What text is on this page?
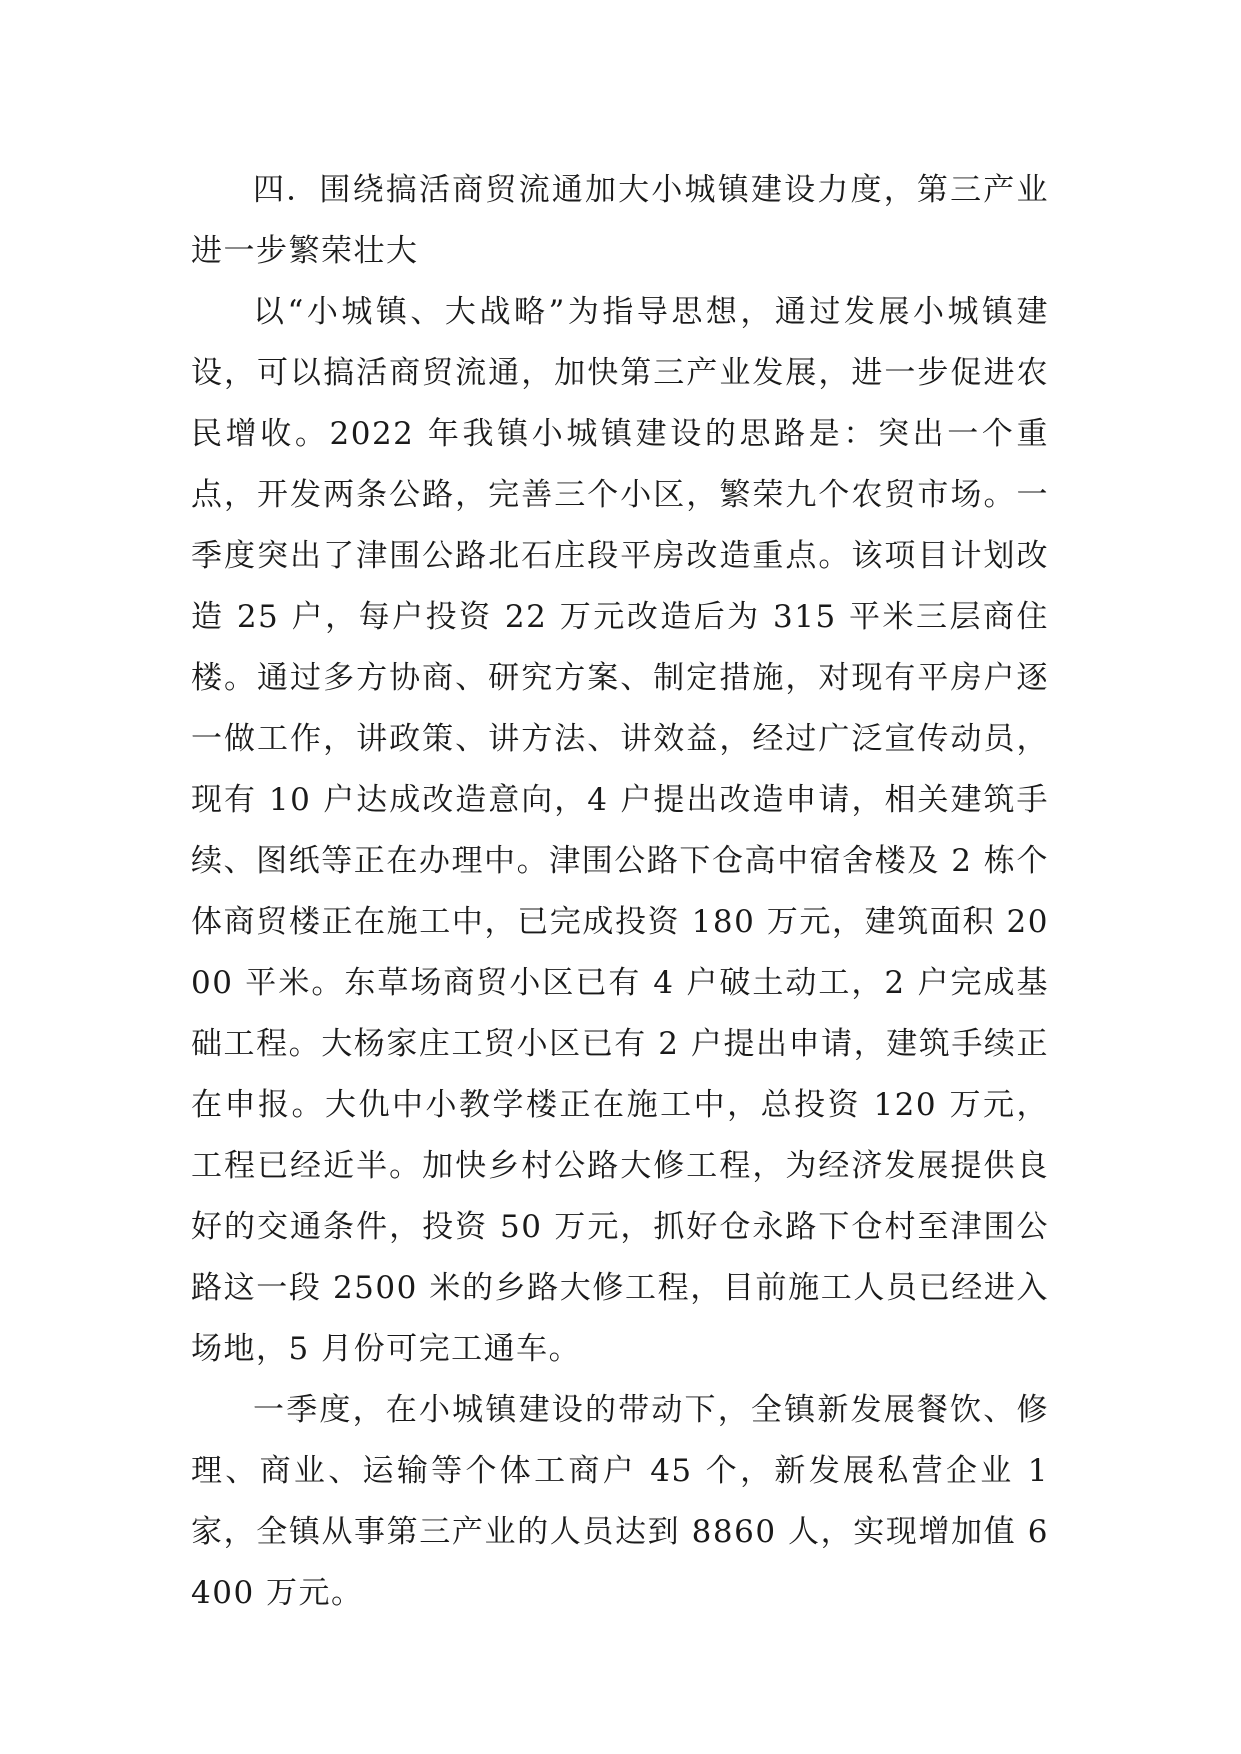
四．围绕搞活商贸流通加大小城镇建设力度，第三产业进一步繁荣壮大

以“小城镇、大战略”为指导思想，通过发展小城镇建设，可以搞活商贸流通，加快第三产业发展，进一步促进农民增收。2022 年我镇小城镇建设的思路是：突出一个重点，开发两条公路，完善三个小区，繁荣九个农贸市场。一季度突出了津围公路北石庄段平房改造重点。该项目计划改造 25 户，每户投资 22 万元改造后为 315 平米三层商住楼。通过多方协商、研究方案、制定措施，对现有平房户逐一做工作，讲政策、讲方法、讲效益，经过广泛宣传动员，现有 10 户达成改造意向，4 户提出改造申请，相关建筑手续、图纸等正在办理中。津围公路下仓高中宿舍楼及 2 栋个体商贸楼正在施工中，已完成投资 180 万元，建筑面积 2000 平米。东草场商贸小区已有 4 户破土动工，2 户完成基础工程。大杨家庄工贸小区已有 2 户提出申请，建筑手续正在申报。大仇中小教学楼正在施工中，总投资 120 万元，工程已经近半。加快乡村公路大修工程，为经济发展提供良好的交通条件，投资 50 万元，抓好仓永路下仓村至津围公路这一段 2500 米的乡路大修工程，目前施工人员已经进入场地，5 月份可完工通车。

一季度，在小城镇建设的带动下，全镇新发展餐饮、修理、商业、运输等个体工商户 45 个，新发展私营企业 1 家，全镇从事第三产业的人员达到 8860 人，实现增加值 6400 万元。
